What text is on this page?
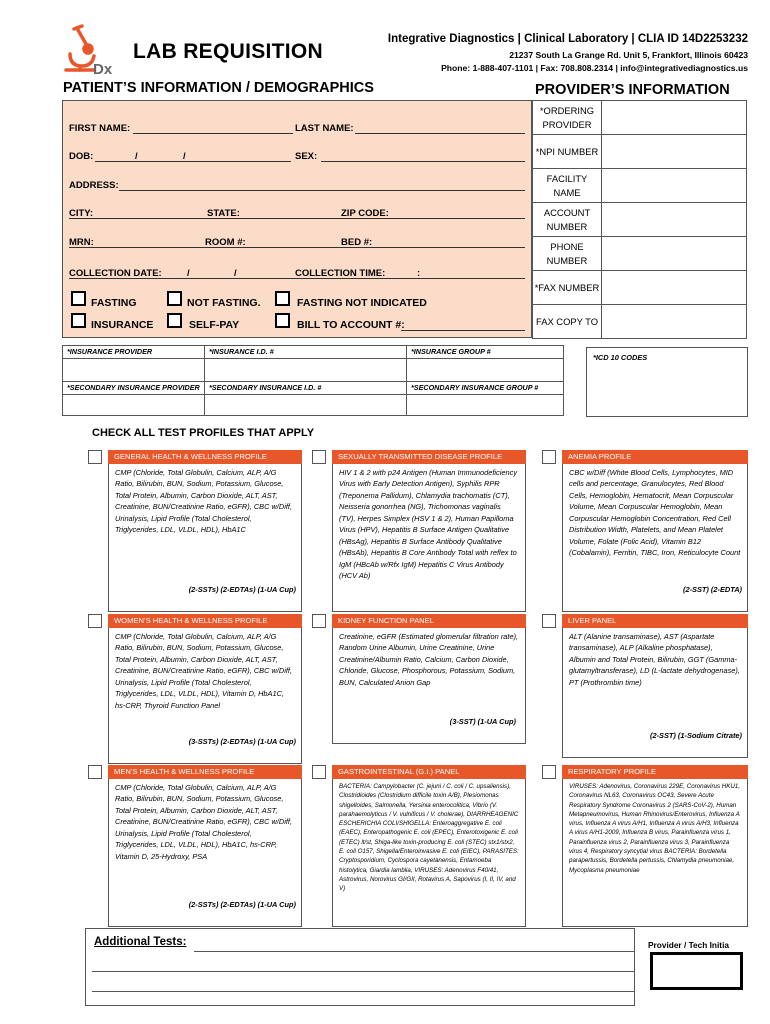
Dx
LAB REQUISITION
Integrative Diagnostics | Clinical Laboratory | CLIA ID 14D2253232
21237 South La Grange Rd. Unit 5, Frankfort, Illinois 60423
Phone: 1-888-407-1101 | Fax: 708.808.2314 | info@integrativediagnostics.us
PATIENT’S INFORMATION / DEMOGRAPHICS	PROVIDER’S INFORMATION
FIRST NAME:	LAST NAME:
DOB:	/	/	SEX:
ADDRESS:
CITY:	STATE:	ZIP CODE:
MRN:	ROOM #:	BED #:
COLLECTION DATE:	/	/	COLLECTION TIME:	:
FASTING	NOT FASTING.	FASTING NOT INDICATED
INSURANCE	SELF-PAY	BILL TO ACCOUNT #:
*ORDERING PROVIDER	
*NPI NUMBER	
FACILITY NAME	
ACCOUNT NUMBER	
PHONE NUMBER	
*FAX NUMBER	
FAX COPY TO	
*INSURANCE PROVIDER	*INSURANCE I.D. #	*INSURANCE GROUP #

*SECONDARY INSURANCE PROVIDER	*SECONDARY INSURANCE I.D. #	*SECONDARY INSURANCE GROUP #

*ICD 10 CODES
CHECK ALL TEST PROFILES THAT APPLY
GENERAL HEALTH & WELLNESS PROFILE
CMP (Chloride, Total Globulin, Calcium, ALP, A/G Ratio, Bilirubin, BUN, Sodium, Potassium, Glucose, Total Protein, Albumin, Carbon Dioxide, ALT, AST, Creatinine, BUN/Creatinine Ratio, eGFR), CBC w/Diff, Urinalysis, Lipid Profile (Total Cholesterol, Triglycerides, LDL, VLDL, HDL), HbA1C
(2-SSTs) (2-EDTAs) (1-UA Cup)
SEXUALLY TRANSMITTED DISEASE PROFILE
HIV 1 & 2 with p24 Antigen (Human Immunodeficiency Virus with Early Detection Antigen), Syphilis RPR (Treponema Pallidum), Chlamydia trachomatis (CT), Neisseria gonorrhea (NG), Trichomonas vaginalis (TV), Herpes Simplex (HSV 1 & 2), Human Papilloma Virus (HPV), Hepatitis B Surface Antigen Qualitative (HBsAg), Hepatitis B Surface Antibody Qualitative (HBsAb), Hepatitis B Core Antibody Total with reflex to IgM (HBcAb w/Rfx IgM) Hepatitis C Virus Antibody (HCV Ab)
ANEMIA PROFILE
CBC w/Diff (White Blood Cells, Lymphocytes, MID cells and percentage, Granulocytes, Red Blood Cells, Hemoglobin, Hematocrit, Mean Corpuscular Volume, Mean Corpuscular Hemoglobin, Mean Corpuscular Hemoglobin Concentration, Red Cell Distribution Width, Platelets, and Mean Platelet Volume, Folate (Folic Acid), Vitamin B12 (Cobalamin), Ferritin, TIBC, Iron, Reticulocyte Count
(2-SST) (2-EDTA)
WOMEN’S HEALTH & WELLNESS PROFILE
CMP (Chloride, Total Globulin, Calcium, ALP, A/G Ratio, Bilirubin, BUN, Sodium, Potassium, Glucose, Total Protein, Albumin, Carbon Dioxide, ALT, AST, Creatinine, BUN/Creatinine Ratio, eGFR), CBC w/Diff, Urinalysis, Lipid Profile (Total Cholesterol, Triglycerides, LDL, VLDL, HDL), Vitamin D, HbA1C, hs-CRP, Thyroid Function Panel
(3-SSTs) (2-EDTAs) (1-UA Cup)
KIDNEY FUNCTION PANEL
Creatinine, eGFR (Estimated glomerular filtration rate), Random Urine Albumin, Urine Creatinine, Urine Creatinine/Albumin Ratio, Calcium, Carbon Dioxide, Chloride, Glucose, Phosphorous, Potassium, Sodium, BUN, Calculated Anion Gap
(3-SST) (1-UA Cup)
LIVER PANEL
ALT (Alanine transaminase), AST (Aspartate transaminase), ALP (Alkaline phosphatase), Albumin and Total Protein, Bilirubin, GGT (Gamma-glutamyltransferase), LD (L-lactate dehydrogenase), PT (Prothrombin time)
(2-SST) (1-Sodium Citrate)
MEN’S HEALTH & WELLNESS PROFILE
CMP (Chloride, Total Globulin, Calcium, ALP, A/G Ratio, Bilirubin, BUN, Sodium, Potassium, Glucose, Total Protein, Albumin, Carbon Dioxide, ALT, AST, Creatinine, BUN/Creatinine Ratio, eGFR), CBC w/Diff, Urinalysis, Lipid Profile (Total Cholesterol, Triglycerides, LDL, VLDL, HDL), HbA1C, hs-CRP, Vitamin D, 25-Hydroxy, PSA
(2-SSTs) (2-EDTAs) (1-UA Cup)
GASTROINTESTINAL (G.I.) PANEL
BACTERIA: Campylobacter (C. jejuni / C. coli / C. upsaliensis), Clostridioides (Clostridium difficile toxin A/B), Plesiomonas shigelloides, Salmonella, Yersinia enterocolitica, Vibrio (V. parahaemolyticus / V. vulnificus / V. cholerae), DIARRHEAGENIC ESCHERICHIA COLI/SHIGELLA: Enteroaggregative E. coli (EAEC), Enteropathogenic E. coli (EPEC), Enterotoxigenic E. coli (ETEC) lt/st, Shiga-like toxin-producing E. coli (STEC) stx1/stx2, E. coli O157, Shigella/Enteroinvasive E. coli (EIEC), PARASITES: Cryptosporidium, Cyclospora cayetanensis, Entamoeba histolytica, Giardia lamblia, VIRUSES: Adenovirus F40/41, Astrovirus, Norovirus GI/GII, Rotavirus A, Sapovirus (I, II, IV, and V)
RESPIRATORY PROFILE
VIRUSES: Adenovirus, Coronavirus 229E, Coronavirus HKU1, Coronavirus NL63, Coronavirus OC43, Severe Acute Respiratory Syndrome Coronavirus 2 (SARS-CoV-2), Human Metapneumovirus, Human Rhinovirus/Enterovirus, Influenza A virus, Influenza A virus A/H1, Influenza A virus A/H3, Influenza A virus A/H1-2009, Influenza B virus, Parainfluenza virus 1, Parainfluenza virus 2, Parainfluenza virus 3, Parainfluenza virus 4, Respiratory syncytial virus BACTERIA: Bordetella parapertussis, Bordetella pertussis, Chlamydia pneumoniae, Mycoplasma pneumoniae
Additional Tests:	Provider / Tech Initia
